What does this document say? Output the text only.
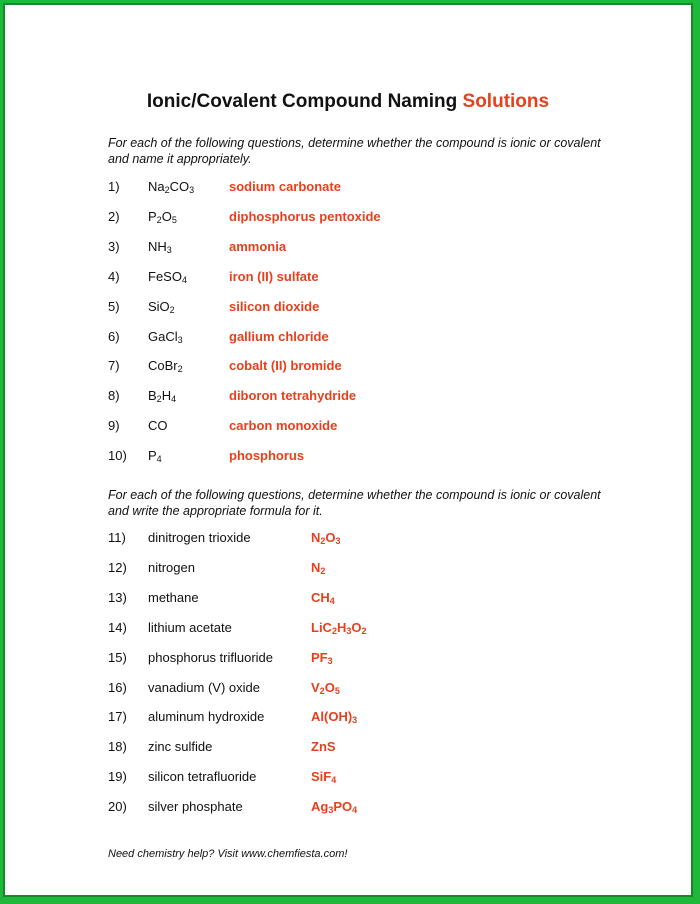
Ionic/Covalent Compound Naming Solutions
For each of the following questions, determine whether the compound is ionic or covalent and name it appropriately.
1)	$Na_2CO_3$	sodium carbonate
2)	$P_2O_5$	diphosphorus pentoxide
3)	$NH_3$	ammonia
4)	FeSO$_4$	iron (II) sulfate
5)	SiO$_2$	silicon dioxide
6)	GaCl$_3$	gallium chloride
7)	CoBr$_2$	cobalt (II) bromide
8)	$B_2H_4$	diboron tetrahydride
9)	CO	carbon monoxide
10)	$P_4$	phosphorus
For each of the following questions, determine whether the compound is ionic or covalent and write the appropriate formula for it.
11)	dinitrogen trioxide	$N_2O_3$
12)	nitrogen	$N_2$
13)	methane	$CH_4$
14)	lithium acetate	$LiC_2H_3O_2$
15)	phosphorus trifluoride	$PF_3$
16)	vanadium (V) oxide	$V_2O_5$
17)	aluminum hydroxide	$Al(OH)_3$
18)	zinc sulfide	ZnS
19)	silicon tetrafluoride	SiF$_4$
20)	silver phosphate	$Ag_3PO_4$
Need chemistry help? Visit www.chemfiesta.com!
